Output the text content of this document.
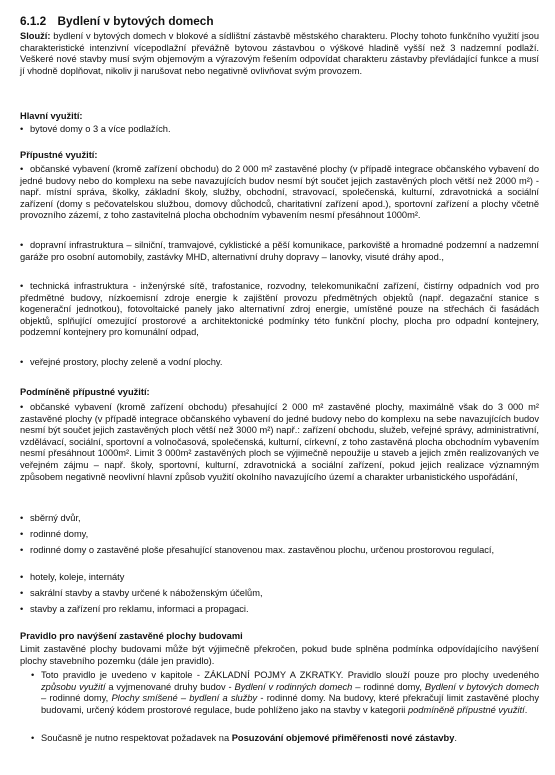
6.1.2 Bydlení v bytových domech

Slouží: bydlení v bytových domech v blokové a sídlištní zástavbě městského charakteru. Plochy tohoto funkčního využití jsou charakteristické intenzivní vícepodlažní převážně bytovou zástavbou o výškové hladině vyšší než 3 nadzemní podlaží. Veškeré nové stavby musí svým objemovým a výrazovým řešením odpovídat charakteru zástavby převládající funkce a musí jí vhodně doplňovat, nikoliv ji narušovat nebo negativně ovlivňovat svým provozem.

Hlavní využití:

• bytové domy o 3 a více podlažích.

Přípustné využití:

• občanské vybavení (kromě zařízení obchodu) do 2 000 m² zastavěné plochy (v případě integrace občanského vybavení do jedné budovy nebo do komplexu na sebe navazujících budov nesmí být součet jejich zastavěných ploch větší než 2000 m²) - např. místní správa, školky, základní školy, služby, obchodní, stravovací, společenská, kulturní, zdravotnická a sociální zařízení (domy s pečovatelskou službou, domovy důchodců, charitativní zařízení apod.), sportovní zařízení a plochy včetně provozního zázemí, z toho zastavitelná plocha obchodním vybavením nesmí přesáhnout 1000m².

• dopravní infrastruktura – silniční, tramvajové, cyklistické a pěší komunikace, parkoviště a hromadné podzemní a nadzemní garáže pro osobní automobily, zastávky MHD, alternativní druhy dopravy – lanovky, visuté dráhy apod.,

• technická infrastruktura - inženýrské sítě, trafostanice, rozvodny, telekomunikační zařízení, čistírny odpadních vod pro předmětné budovy, nízkoemisní zdroje energie k zajištění provozu předmětných objektů (např. degazační stanice s kogenerační jednotkou), fotovoltaické panely jako alternativní zdroj energie, umístěné pouze na střechách či fasádách objektů, splňující omezující prostorové a architektonické podmínky této funkční plochy, plocha pro odpadní kontejnery, podzemní kontejnery pro komunální odpad,

• veřejné prostory, plochy zeleně a vodní plochy.

Podmíněně přípustné využití:

• občanské vybavení (kromě zařízení obchodu) přesahující 2 000 m² zastavěné plochy, maximálně však do 3 000 m² zastavěné plochy (v případě integrace občanského vybavení do jedné budovy nebo do komplexu na sebe navazujících budov nesmí být součet jejich zastavěných ploch větší než 3000 m²) např.: zařízení obchodu, služeb, veřejné správy, administrativní, vzdělávací, sociální, sportovní a volnočasová, společenská, kulturní, církevní, z toho zastavěná plocha obchodním vybavením nesmí přesáhnout 1000m². Limit 3 000m² zastavěných ploch se výjimečně nepoužije u staveb a jejich změn realizovaných ve veřejném zájmu – např. školy, sportovní, kulturní, zdravotnická a sociální zařízení, pokud jejich realizace významným způsobem negativně neovlivní hlavní způsob využití okolního navazujícího území a charakter urbanistického uspořádání,

• sběrný dvůr,

• rodinné domy,

• rodinné domy o zastavěné ploše přesahující stanovenou max. zastavěnou plochu, určenou prostorovou regulací,

• hotely, koleje, internáty

• sakrální stavby a stavby určené k náboženským účelům,

• stavby a zařízení pro reklamu, informaci a propagaci.

Pravidlo pro navýšení zastavěné plochy budovami

Limit zastavěné plochy budovami může být výjimečně překročen, pokud bude splněna podmínka odpovídajícího navýšení plochy stavebního pozemku (dále jen pravidlo).

• Toto pravidlo je uvedeno v kapitole - ZÁKLADNÍ POJMY A ZKRATKY. Pravidlo slouží pouze pro plochy uvedeného způsobu využití a vyjmenované druhy budov - Bydlení v rodinných domech – rodinné domy, Bydlení v bytových domech – rodinné domy, Plochy smíšené – bydlení a služby - rodinné domy. Na budovy, které překračují limit zastavěné plochy budovami, určený kódem prostorové regulace, bude pohlíženo jako na stavby v kategorii podmíněně přípustné využití.

• Současně je nutno respektovat požadavek na Posuzování objemové přiměřenosti nové zástavby.
